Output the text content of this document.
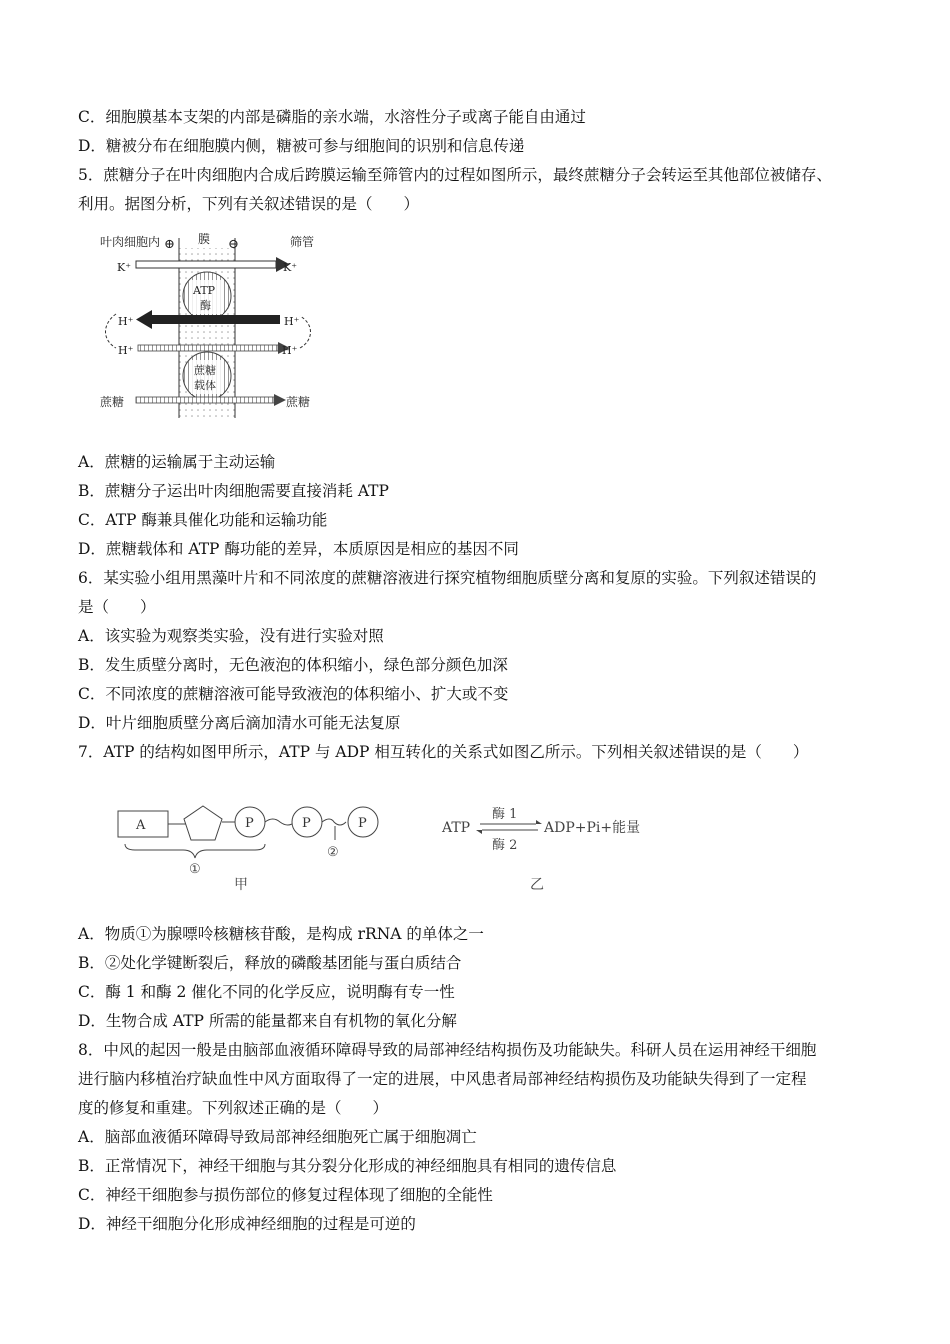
C．细胞膜基本支架的内部是磷脂的亲水端，水溶性分子或离子能自由通过
D．糖被分布在细胞膜内侧，糖被可参与细胞间的识别和信息传递
5．蔗糖分子在叶肉细胞内合成后跨膜运输至筛管内的过程如图所示，最终蔗糖分子会转运至其他部位被储存、
利用。据图分析，下列有关叙述错误的是（　　）
叶肉细胞内 ⊕ 膜 ⊖	筛管
K⁺	K⁺
ATP
酶
H⁺
H⁺
H⁺	H⁺
蔗糖
载体
蔗糖	蔗糖
A．蔗糖的运输属于主动运输
B．蔗糖分子运出叶肉细胞需要直接消耗 ATP
C．ATP 酶兼具催化功能和运输功能
D．蔗糖载体和 ATP 酶功能的差异，本质原因是相应的基因不同
6．某实验小组用黑藻叶片和不同浓度的蔗糖溶液进行探究植物细胞质壁分离和复原的实验。下列叙述错误的
是（　　）
A．该实验为观察类实验，没有进行实验对照
B．发生质壁分离时，无色液泡的体积缩小，绿色部分颜色加深
C．不同浓度的蔗糖溶液可能导致液泡的体积缩小、扩大或不变
D．叶片细胞质壁分离后滴加清水可能无法复原
7．ATP 的结构如图甲所示，ATP 与 ADP 相互转化的关系式如图乙所示。下列相关叙述错误的是（　　）
A	P	P	P
①
②
甲
ATP
酶 1
酶 2
ADP+Pi+能量
乙
A．物质①为腺嘌呤核糖核苷酸，是构成 rRNA 的单体之一
B．②处化学键断裂后，释放的磷酸基团能与蛋白质结合
C．酶 1 和酶 2 催化不同的化学反应，说明酶有专一性
D．生物合成 ATP 所需的能量都来自有机物的氧化分解
8．中风的起因一般是由脑部血液循环障碍导致的局部神经结构损伤及功能缺失。科研人员在运用神经干细胞
进行脑内移植治疗缺血性中风方面取得了一定的进展，中风患者局部神经结构损伤及功能缺失得到了一定程
度的修复和重建。下列叙述正确的是（　　）
A．脑部血液循环障碍导致局部神经细胞死亡属于细胞凋亡
B．正常情况下，神经干细胞与其分裂分化形成的神经细胞具有相同的遗传信息
C．神经干细胞参与损伤部位的修复过程体现了细胞的全能性
D．神经干细胞分化形成神经细胞的过程是可逆的
